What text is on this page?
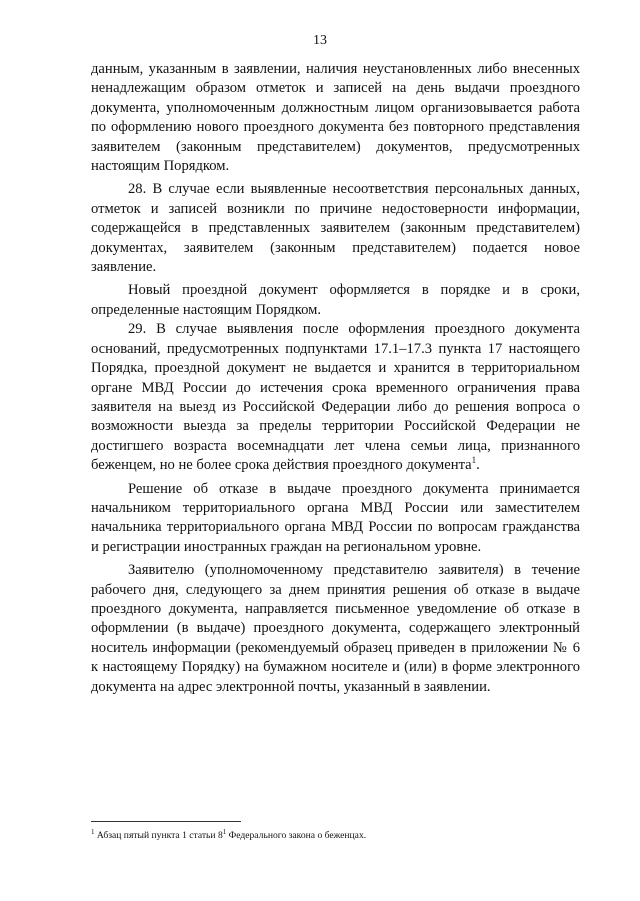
13

данным, указанным в заявлении, наличия неустановленных либо внесенных ненадлежащим образом отметок и записей на день выдачи проездного документа, уполномоченным должностным лицом организовывается работа по оформлению нового проездного документа без повторного представления заявителем (законным представителем) документов, предусмотренных настоящим Порядком.

28. В случае если выявленные несоответствия персональных данных, отметок и записей возникли по причине недостоверности информации, содержащейся в представленных заявителем (законным представителем) документах, заявителем (законным представителем) подается новое заявление.

Новый проездной документ оформляется в порядке и в сроки, определенные настоящим Порядком.

29. В случае выявления после оформления проездного документа оснований, предусмотренных подпунктами 17.1–17.3 пункта 17 настоящего Порядка, проездной документ не выдается и хранится в территориальном органе МВД России до истечения срока временного ограничения права заявителя на выезд из Российской Федерации либо до решения вопроса о возможности выезда за пределы территории Российской Федерации не достигшего возраста восемнадцати лет члена семьи лица, признанного беженцем, но не более срока действия проездного документа$^1$.

Решение об отказе в выдаче проездного документа принимается начальником территориального органа МВД России или заместителем начальника территориального органа МВД России по вопросам гражданства и регистрации иностранных граждан на региональном уровне.

Заявителю (уполномоченному представителю заявителя) в течение рабочего дня, следующего за днем принятия решения об отказе в выдаче проездного документа, направляется письменное уведомление об отказе в оформлении (в выдаче) проездного документа, содержащего электронный носитель информации (рекомендуемый образец приведен в приложении № 6 к настоящему Порядку) на бумажном носителе и (или) в форме электронного документа на адрес электронной почты, указанный в заявлении.

$^1$ Абзац пятый пункта 1 статьи $8^1$ Федерального закона о беженцах.
